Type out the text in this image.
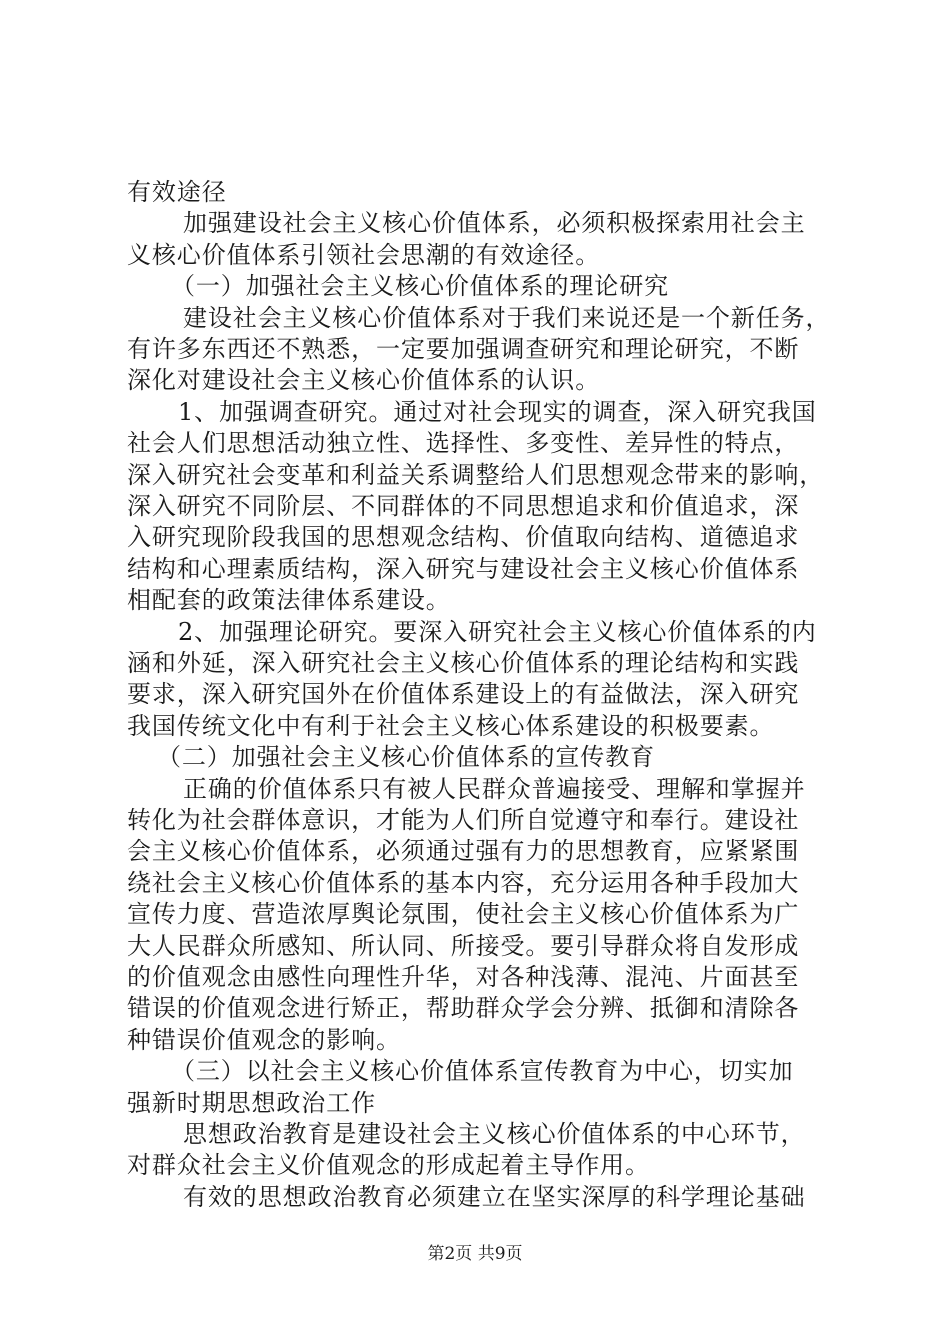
有效途径
加强建设社会主义核心价值体系，必须积极探索用社会主
义核心价值体系引领社会思潮的有效途径。
（一）加强社会主义核心价值体系的理论研究
建设社会主义核心价值体系对于我们来说还是一个新任务，
有许多东西还不熟悉，一定要加强调查研究和理论研究，不断
深化对建设社会主义核心价值体系的认识。
1、加强调查研究。通过对社会现实的调查，深入研究我国
社会人们思想活动独立性、选择性、多变性、差异性的特点，
深入研究社会变革和利益关系调整给人们思想观念带来的影响，
深入研究不同阶层、不同群体的不同思想追求和价值追求，深
入研究现阶段我国的思想观念结构、价值取向结构、道德追求
结构和心理素质结构，深入研究与建设社会主义核心价值体系
相配套的政策法律体系建设。
2、加强理论研究。要深入研究社会主义核心价值体系的内
涵和外延，深入研究社会主义核心价值体系的理论结构和实践
要求，深入研究国外在价值体系建设上的有益做法，深入研究
我国传统文化中有利于社会主义核心体系建设的积极要素。
（二）加强社会主义核心价值体系的宣传教育
正确的价值体系只有被人民群众普遍接受、理解和掌握并
转化为社会群体意识，才能为人们所自觉遵守和奉行。建设社
会主义核心价值体系，必须通过强有力的思想教育，应紧紧围
绕社会主义核心价值体系的基本内容，充分运用各种手段加大
宣传力度、营造浓厚舆论氛围，使社会主义核心价值体系为广
大人民群众所感知、所认同、所接受。要引导群众将自发形成
的价值观念由感性向理性升华，对各种浅薄、混沌、片面甚至
错误的价值观念进行矫正，帮助群众学会分辨、抵御和清除各
种错误价值观念的影响。
（三）以社会主义核心价值体系宣传教育为中心，切实加
强新时期思想政治工作
思想政治教育是建设社会主义核心价值体系的中心环节，
对群众社会主义价值观念的形成起着主导作用。
有效的思想政治教育必须建立在坚实深厚的科学理论基础
第2页 共9页
